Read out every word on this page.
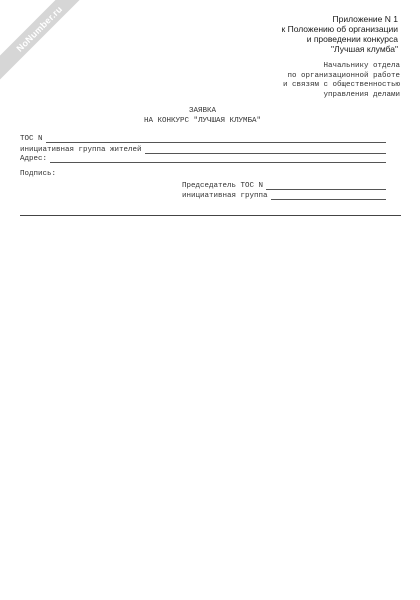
NoNumber.ru	Приложение N 1
к Положению об организации
и проведении конкурса
"Лучшая клумба"
Начальнику отдела
по организационной работе
и связям с общественностью
управления делами
ЗАЯВКА
НА КОНКУРС "ЛУЧШАЯ КЛУМБА"
ТОС N
инициативная группа жителей
Адрес:
Подпись:
Председатель ТОС N
инициативная группа
